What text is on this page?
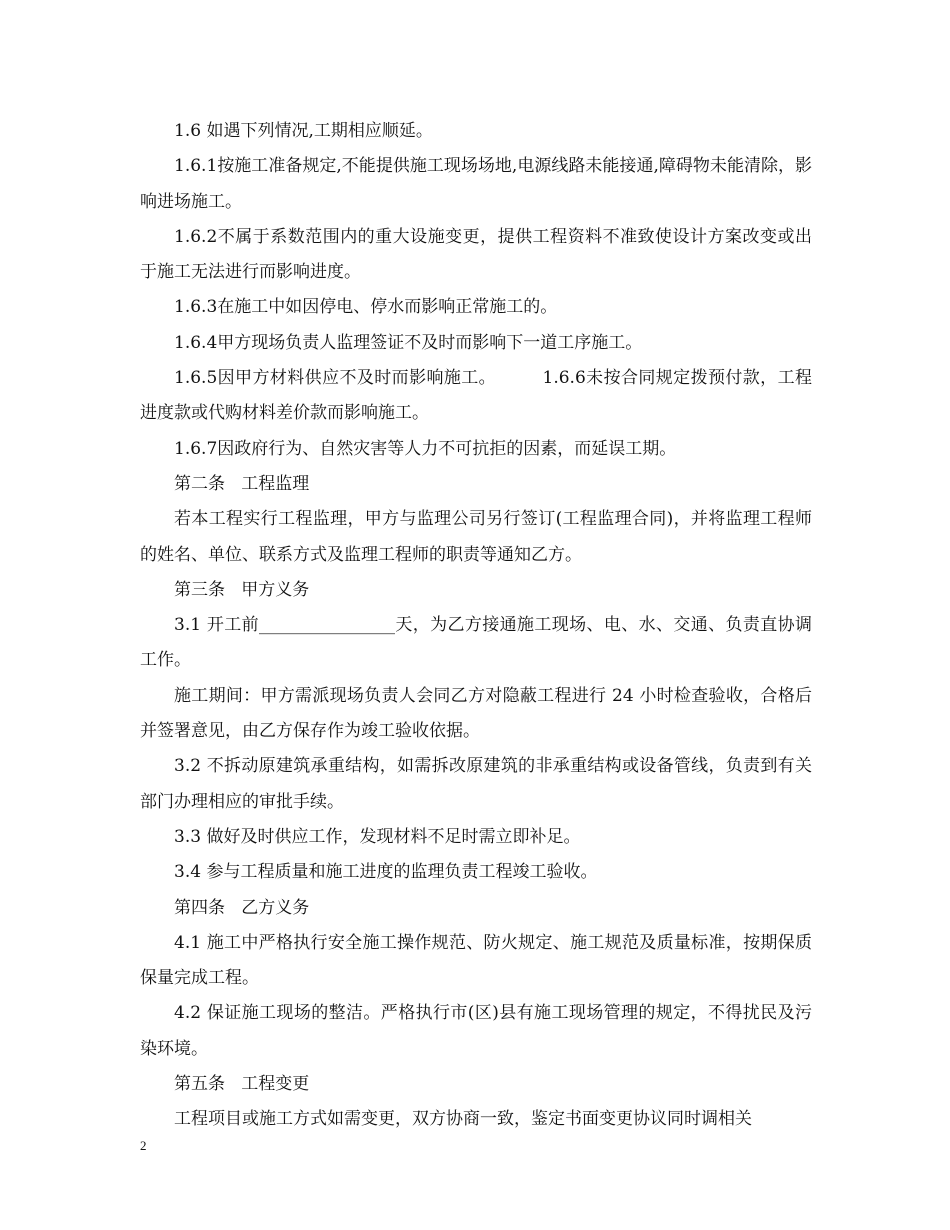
1.6 如遇下列情况,工期相应顺延。

1.6.1按施工准备规定,不能提供施工现场场地,电源线路未能接通,障碍物未能清除，影响进场施工。

1.6.2不属于系数范围内的重大设施变更，提供工程资料不准致使设计方案改变或出于施工无法进行而影响进度。

1.6.3在施工中如因停电、停水而影响正常施工的。

1.6.4甲方现场负责人监理签证不及时而影响下一道工序施工。

1.6.5因甲方材料供应不及时而影响施工。        1.6.6未按合同规定拨预付款，工程进度款或代购材料差价款而影响施工。

1.6.7因政府行为、自然灾害等人力不可抗拒的因素，而延误工期。

第二条   工程监理

若本工程实行工程监理，甲方与监理公司另行签订(工程监理合同)，并将监理工程师的姓名、单位、联系方式及监理工程师的职责等通知乙方。

第三条   甲方义务

3.1 开工前________________天，为乙方接通施工现场、电、水、交通、负责直协调工作。

施工期间：甲方需派现场负责人会同乙方对隐蔽工程进行 24 小时检查验收，合格后并签署意见，由乙方保存作为竣工验收依据。

3.2 不拆动原建筑承重结构，如需拆改原建筑的非承重结构或设备管线，负责到有关部门办理相应的审批手续。

3.3 做好及时供应工作，发现材料不足时需立即补足。

3.4 参与工程质量和施工进度的监理负责工程竣工验收。

第四条   乙方义务

4.1 施工中严格执行安全施工操作规范、防火规定、施工规范及质量标准，按期保质保量完成工程。

4.2 保证施工现场的整洁。严格执行市(区)县有施工现场管理的规定，不得扰民及污染环境。

第五条   工程变更

工程项目或施工方式如需变更，双方协商一致，鉴定书面变更协议同时调相关

2
